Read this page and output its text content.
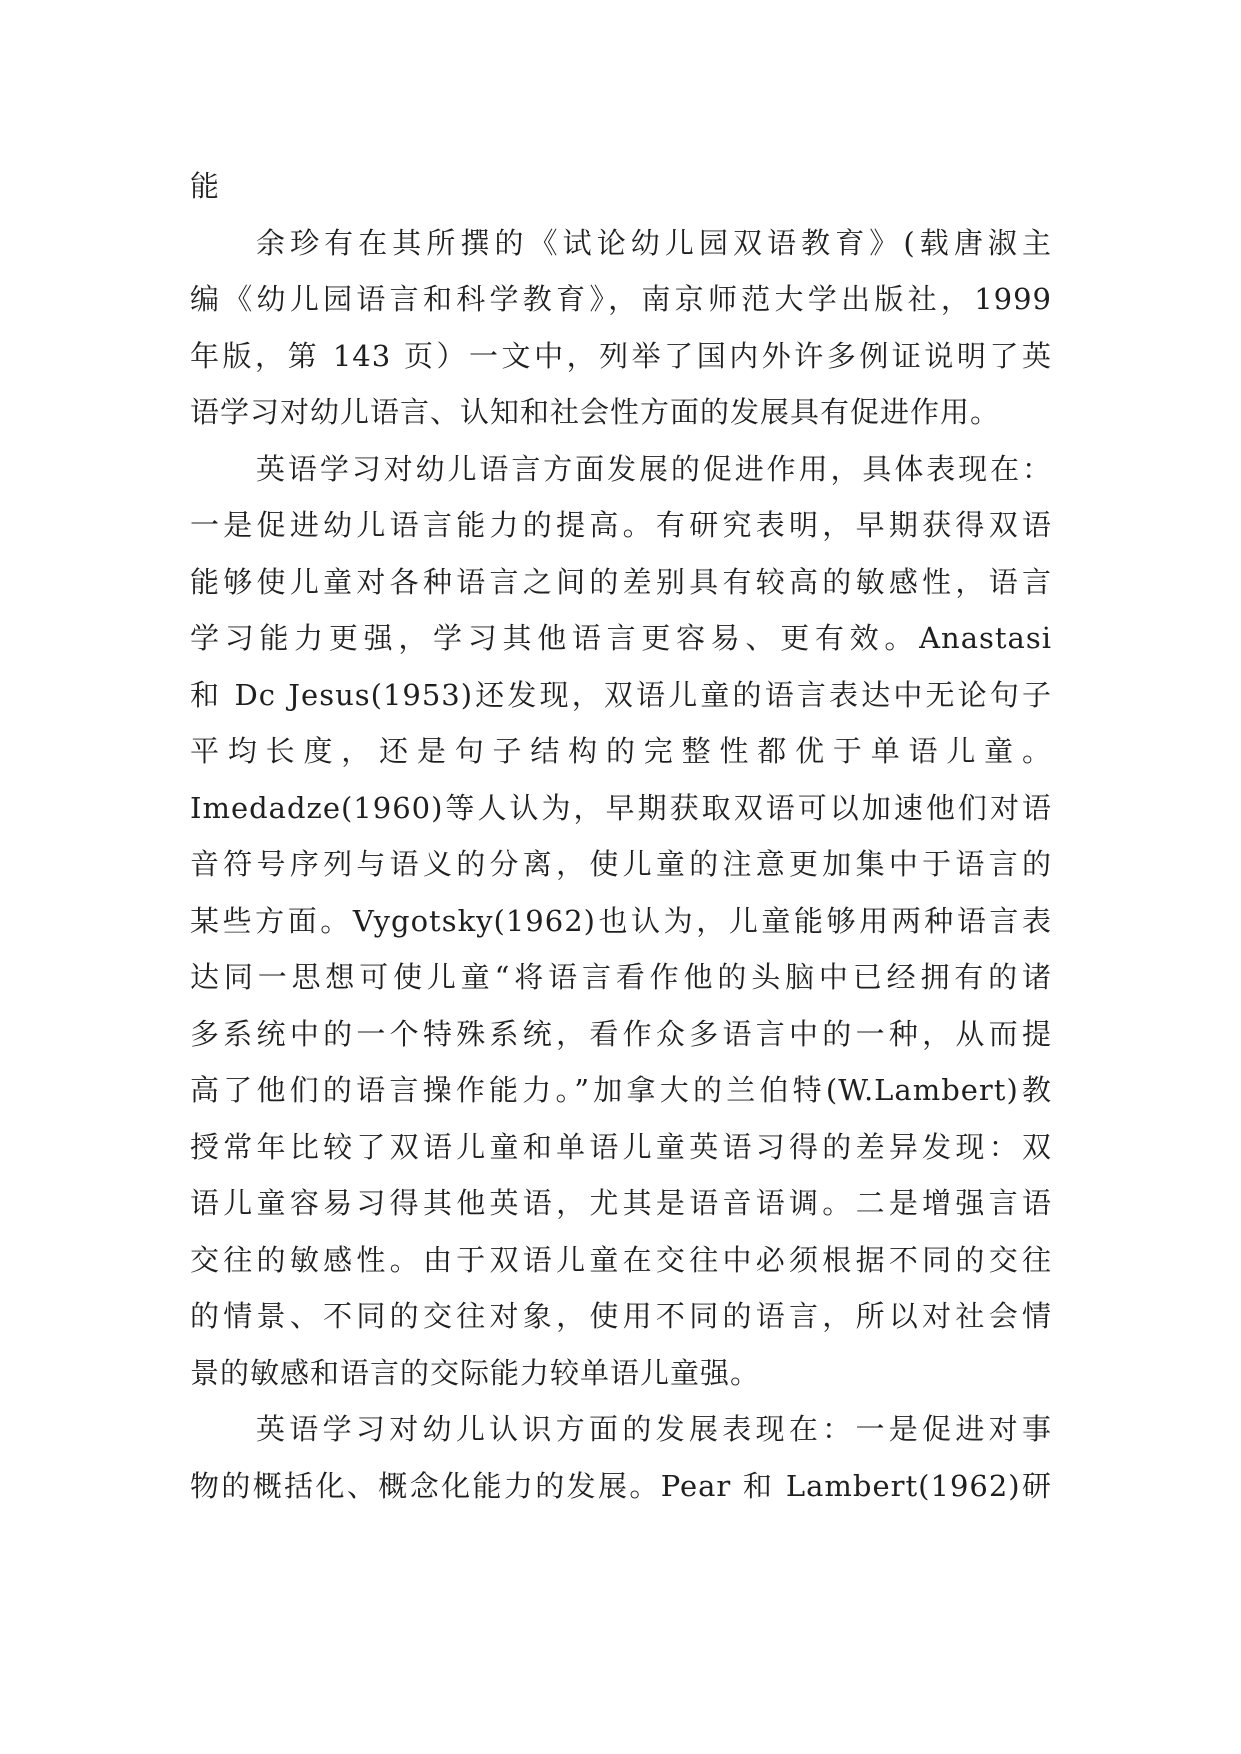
能
余珍有在其所撰的《试论幼儿园双语教育》(载唐淑主
编《幼儿园语言和科学教育》，南京师范大学出版社，1999
年版，第 143 页）一文中，列举了国内外许多例证说明了英
语学习对幼儿语言、认知和社会性方面的发展具有促进作用。
英语学习对幼儿语言方面发展的促进作用，具体表现在：
一是促进幼儿语言能力的提高。有研究表明，早期获得双语
能够使儿童对各种语言之间的差别具有较高的敏感性，语言
学习能力更强，学习其他语言更容易、更有效。Anastasi
和 Dc Jesus(1953)还发现，双语儿童的语言表达中无论句子
平均长度，还是句子结构的完整性都优于单语儿童。
Imedadze(1960)等人认为，早期获取双语可以加速他们对语
音符号序列与语义的分离，使儿童的注意更加集中于语言的
某些方面。Vygotsky(1962)也认为，儿童能够用两种语言表
达同一思想可使儿童“将语言看作他的头脑中已经拥有的诸
多系统中的一个特殊系统，看作众多语言中的一种，从而提
高了他们的语言操作能力。”加拿大的兰伯特(W.Lambert)教
授常年比较了双语儿童和单语儿童英语习得的差异发现：双
语儿童容易习得其他英语，尤其是语音语调。二是增强言语
交往的敏感性。由于双语儿童在交往中必须根据不同的交往
的情景、不同的交往对象，使用不同的语言，所以对社会情
景的敏感和语言的交际能力较单语儿童强。
英语学习对幼儿认识方面的发展表现在：一是促进对事
物的概括化、概念化能力的发展。Pear 和 Lambert(1962)研
